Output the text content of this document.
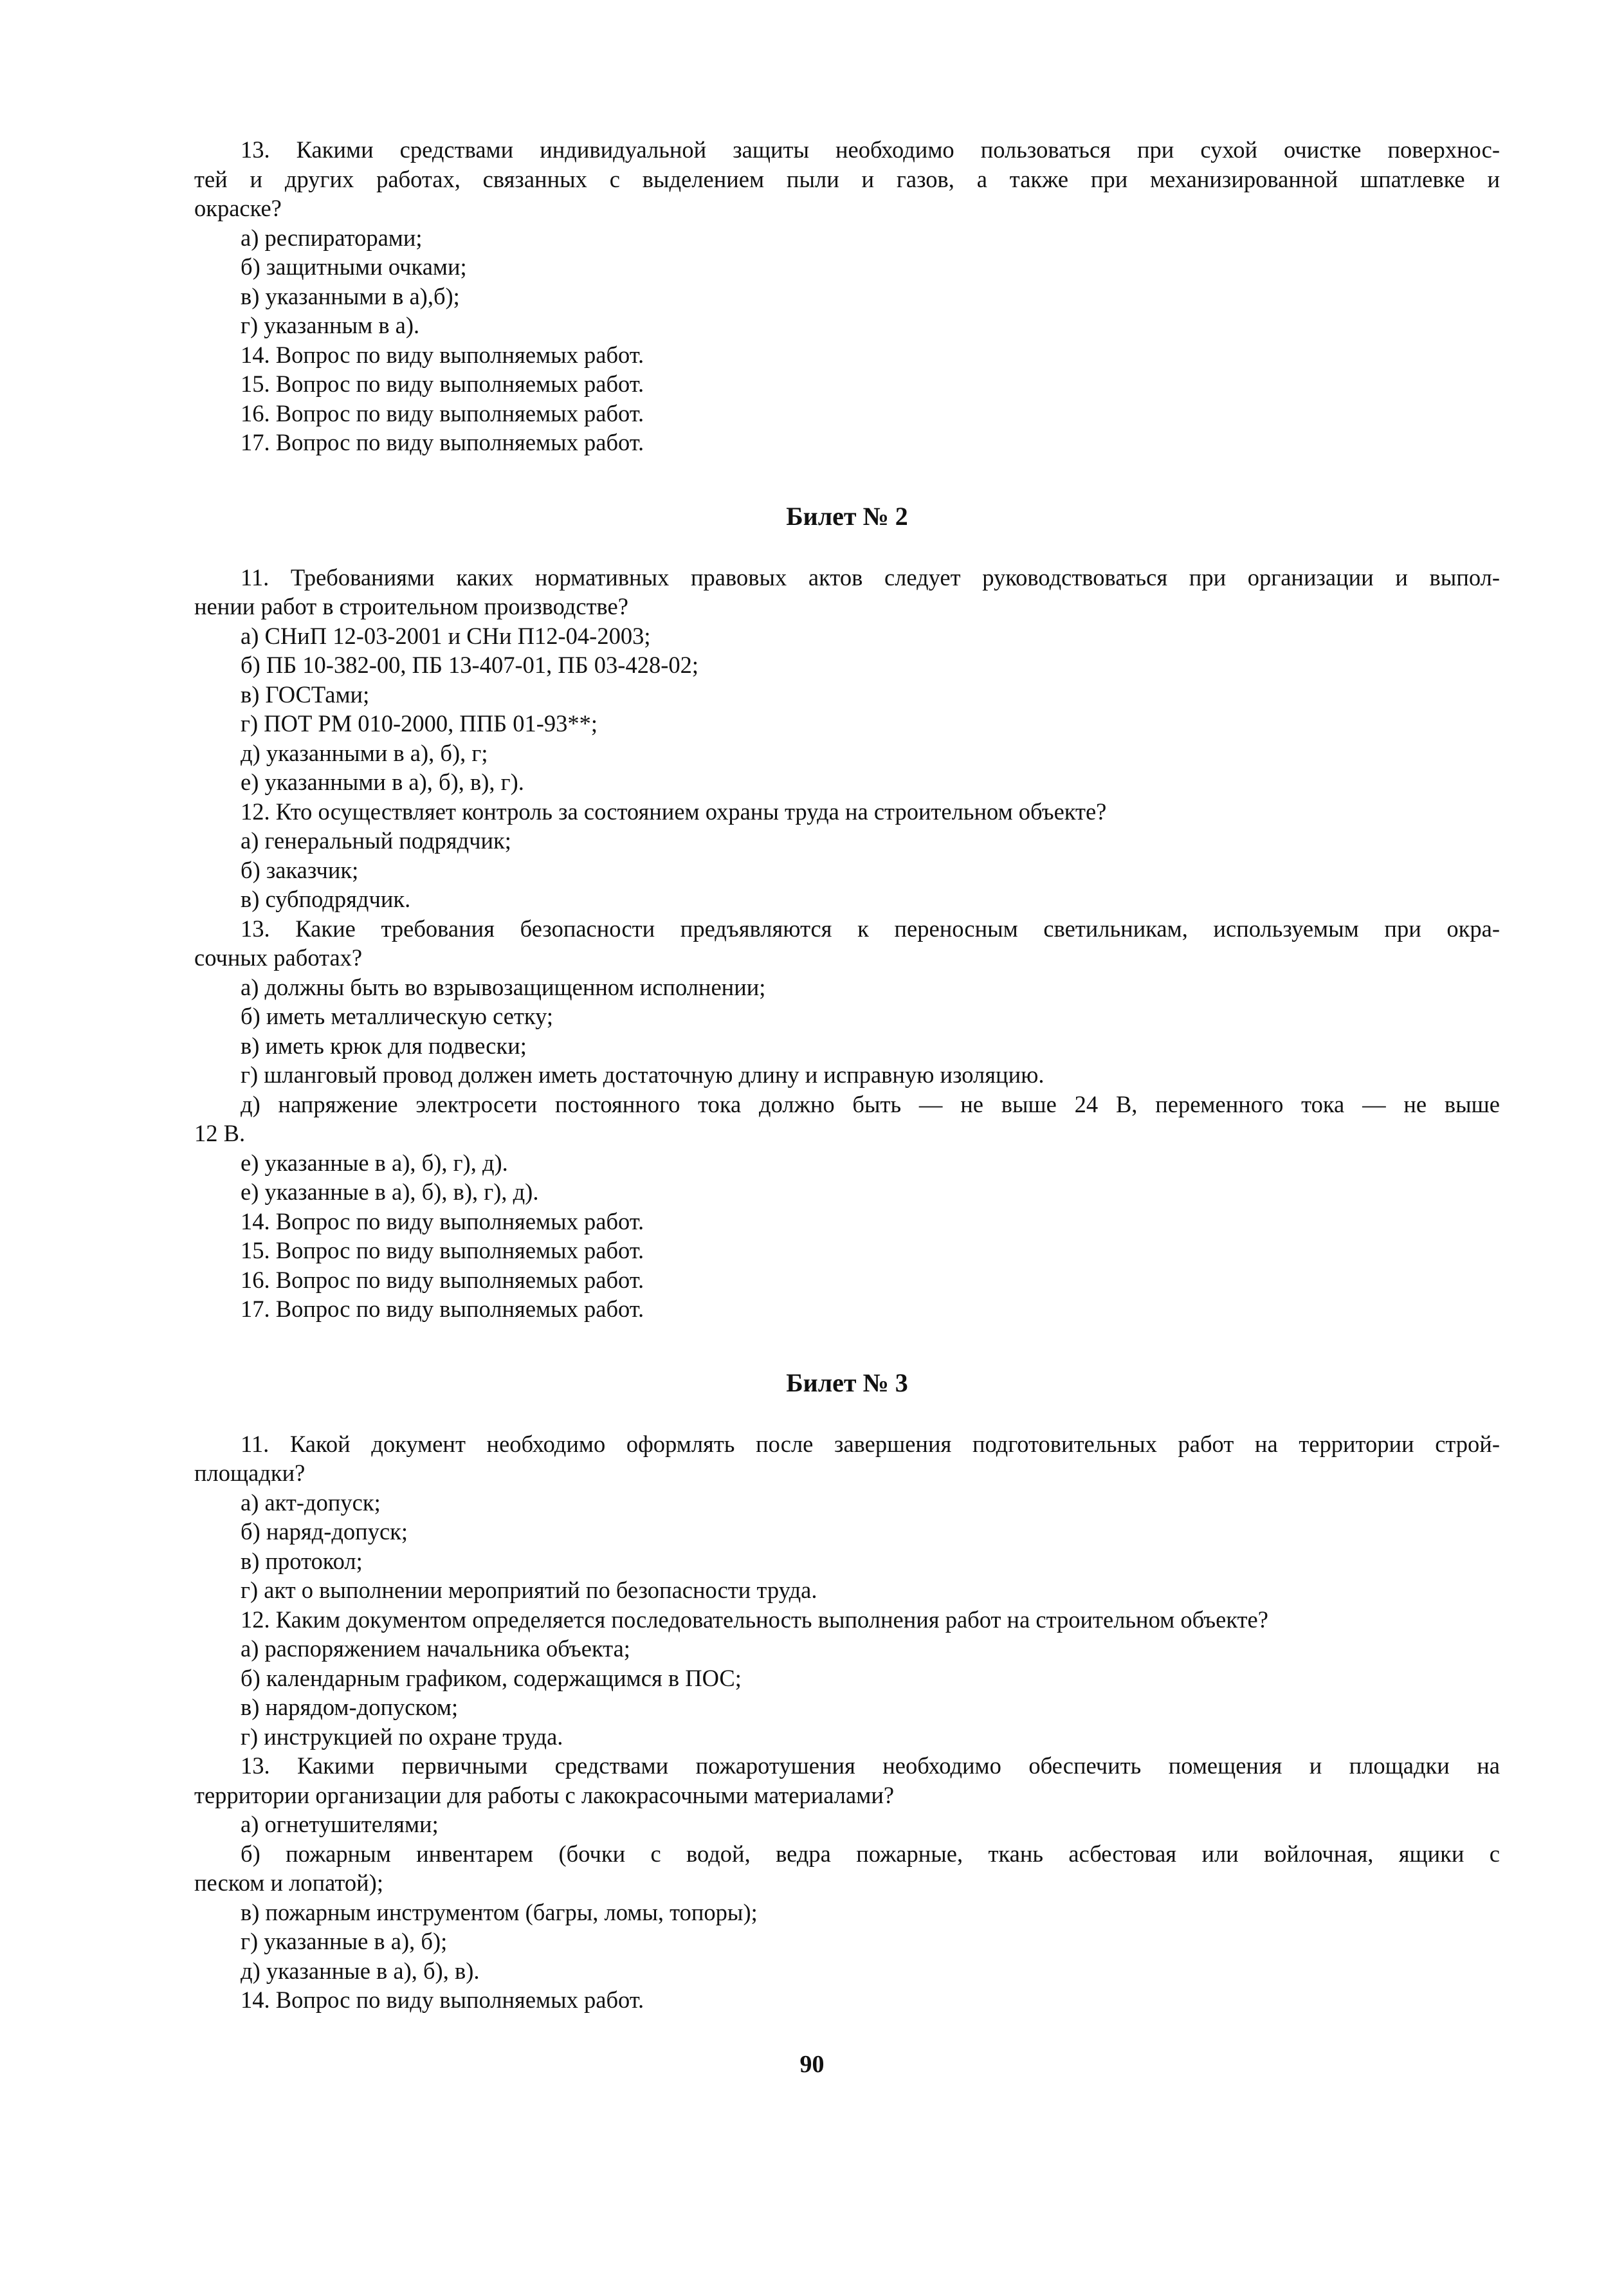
13. Какими средствами индивидуальной защиты необходимо пользоваться при сухой очистке поверхнос-
тей и других работах, связанных с выделением пыли и газов, а также при механизированной шпатлевке и
окраске?
а) респираторами;
б) защитными очками;
в) указанными в а),б);
г) указанным в а).
14. Вопрос по виду выполняемых работ.
15. Вопрос по виду выполняемых работ.
16. Вопрос по виду выполняемых работ.
17. Вопрос по виду выполняемых работ.
Билет № 2
11. Требованиями каких нормативных правовых актов следует руководствоваться при организации и выпол-
нении работ в строительном производстве?
а) СНиП 12-03-2001 и СНи П12-04-2003;
б) ПБ 10-382-00, ПБ 13-407-01, ПБ 03-428-02;
в) ГОСТами;
г) ПОТ РМ 010-2000, ППБ 01-93**;
д) указанными в а), б), г;
е) указанными в а), б), в), г).
12. Кто осуществляет контроль за состоянием охраны труда на строительном объекте?
а) генеральный подрядчик;
б) заказчик;
в) субподрядчик.
13. Какие требования безопасности предъявляются к переносным светильникам, используемым при окра-
сочных работах?
а) должны быть во взрывозащищенном исполнении;
б) иметь металлическую сетку;
в) иметь крюк для подвески;
г) шланговый провод должен иметь достаточную длину и исправную изоляцию.
д) напряжение электросети постоянного тока должно быть — не выше 24 В, переменного тока — не выше
12 В.
е) указанные в а), б), г), д).
е) указанные в а), б), в), г), д).
14. Вопрос по виду выполняемых работ.
15. Вопрос по виду выполняемых работ.
16. Вопрос по виду выполняемых работ.
17. Вопрос по виду выполняемых работ.
Билет № 3
11. Какой документ необходимо оформлять после завершения подготовительных работ на территории строй-
площадки?
а) акт-допуск;
б) наряд-допуск;
в) протокол;
г) акт о выполнении мероприятий по безопасности труда.
12. Каким документом определяется последовательность выполнения работ на строительном объекте?
а) распоряжением начальника объекта;
б) календарным графиком, содержащимся в ПОС;
в) нарядом-допуском;
г) инструкцией по охране труда.
13. Какими первичными средствами пожаротушения необходимо обеспечить помещения и площадки на
территории организации для работы с лакокрасочными материалами?
а) огнетушителями;
б) пожарным инвентарем (бочки с водой, ведра пожарные, ткань асбестовая или войлочная, ящики с
песком и лопатой);
в) пожарным инструментом (багры, ломы, топоры);
г) указанные в а), б);
д) указанные в а), б), в).
14. Вопрос по виду выполняемых работ.
90
